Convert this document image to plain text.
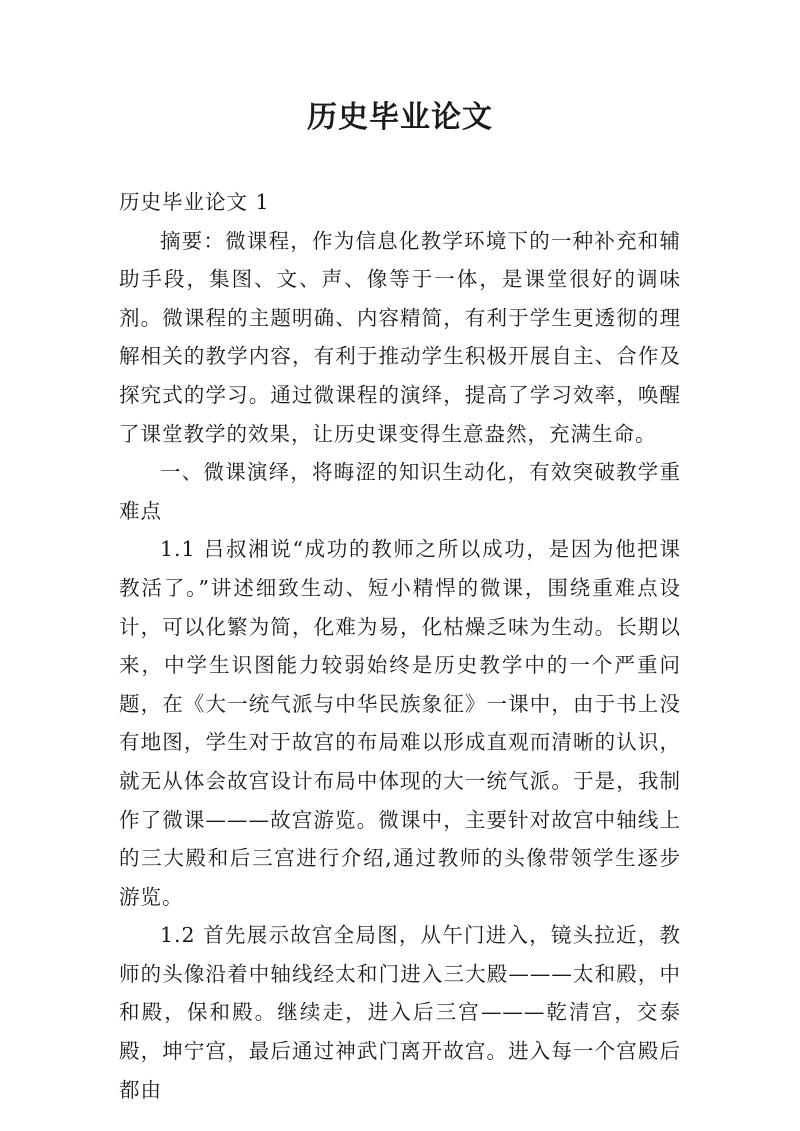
历史毕业论文

历史毕业论文 1

摘要：微课程，作为信息化教学环境下的一种补充和辅助手段，集图、文、声、像等于一体，是课堂很好的调味剂。微课程的主题明确、内容精简，有利于学生更透彻的理解相关的教学内容，有利于推动学生积极开展自主、合作及探究式的学习。通过微课程的演绎，提高了学习效率，唤醒了课堂教学的效果，让历史课变得生意盎然，充满生命。

一、微课演绎，将晦涩的知识生动化，有效突破教学重难点

1.1 吕叔湘说“成功的教师之所以成功，是因为他把课教活了。”讲述细致生动、短小精悍的微课，围绕重难点设计，可以化繁为简，化难为易，化枯燥乏味为生动。长期以来，中学生识图能力较弱始终是历史教学中的一个严重问题，在《大一统气派与中华民族象征》一课中，由于书上没有地图，学生对于故宫的布局难以形成直观而清晰的认识，就无从体会故宫设计布局中体现的大一统气派。于是，我制作了微课———故宫游览。微课中，主要针对故宫中轴线上的三大殿和后三宫进行介绍,通过教师的头像带领学生逐步游览。

1.2 首先展示故宫全局图，从午门进入，镜头拉近，教师的头像沿着中轴线经太和门进入三大殿———太和殿，中和殿，保和殿。继续走，进入后三宫———乾清宫，交泰殿，坤宁宫，最后通过神武门离开故宫。进入每一个宫殿后都由
